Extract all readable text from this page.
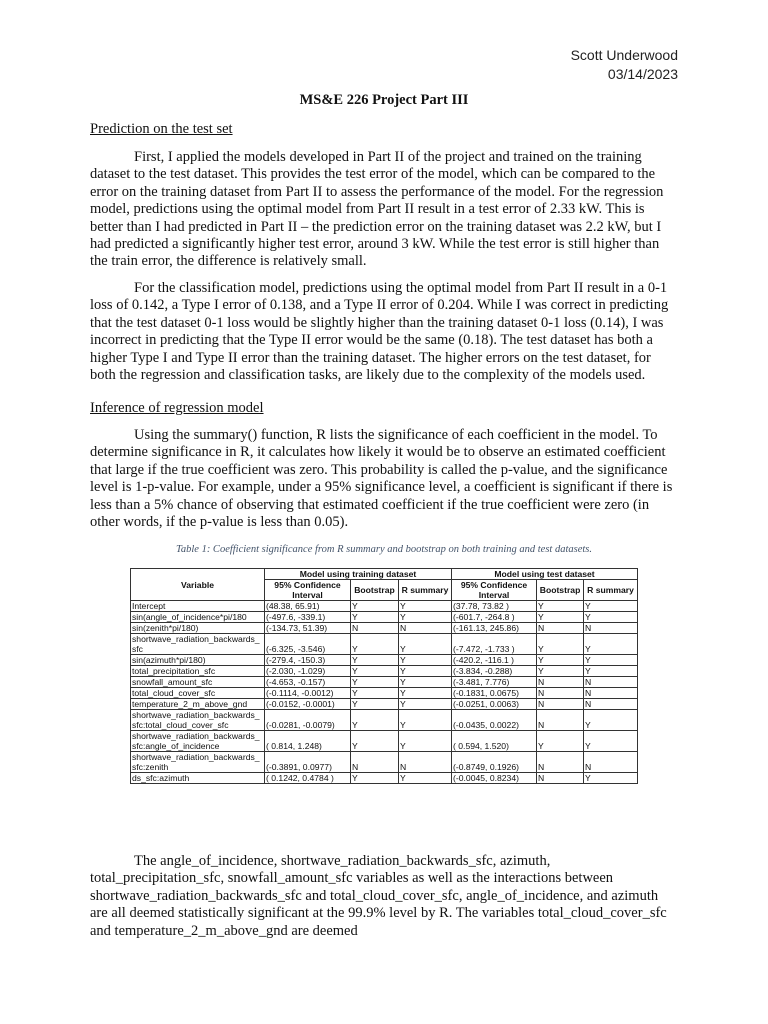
Scott Underwood
03/14/2023
MS&E 226 Project Part III
Prediction on the test set

First, I applied the models developed in Part II of the project and trained on the training dataset to the test dataset. This provides the test error of the model, which can be compared to the error on the training dataset from Part II to assess the performance of the model. For the regression model, predictions using the optimal model from Part II result in a test error of 2.33 kW. This is better than I had predicted in Part II – the prediction error on the training dataset was 2.2 kW, but I had predicted a significantly higher test error, around 3 kW. While the test error is still higher than the train error, the difference is relatively small.

For the classification model, predictions using the optimal model from Part II result in a 0-1 loss of 0.142, a Type I error of 0.138, and a Type II error of 0.204. While I was correct in predicting that the test dataset 0-1 loss would be slightly higher than the training dataset 0-1 loss (0.14), I was incorrect in predicting that the Type II error would be the same (0.18). The test dataset has both a higher Type I and Type II error than the training dataset. The higher errors on the test dataset, for both the regression and classification tasks, are likely due to the complexity of the models used.

Inference of regression model

Using the summary() function, R lists the significance of each coefficient in the model. To determine significance in R, it calculates how likely it would be to observe an estimated coefficient that large if the true coefficient was zero. This probability is called the p-value, and the significance level is 1-p-value. For example, under a 95% significance level, a coefficient is significant if there is less than a 5% chance of observing that estimated coefficient if the true coefficient were zero (in other words, if the p-value is less than 0.05).

Table 1: Coefficient significance from R summary and bootstrap on both training and test datasets.
Variable	Model using training dataset			Model using test dataset		
	95% Confidence Interval	Bootstrap	R summary	95% Confidence Interval	Bootstrap	R summary
Intercept	(48.38, 65.91)	Y	Y	(37.78, 73.82 )	Y	Y
sin(angle_of_incidence*pi/180	(-497.6, -339.1)	Y	Y	(-601.7, -264.8 )	Y	Y
sin(zenith*pi/180)	(-134.73, 51.39)	N	N	(-161.13, 245.86)	N	N
shortwave_radiation_backwards_sfc	(-6.325, -3.546)	Y	Y	(-7.472, -1.733 )	Y	Y
sin(azimuth*pi/180)	(-279.4, -150.3)	Y	Y	(-420.2, -116.1 )	Y	Y
total_precipitation_sfc	(-2.030, -1.029)	Y	Y	(-3.834, -0.288)	Y	Y
snowfall_amount_sfc	(-4.653, -0.157)	Y	Y	(-3.481, 7.776)	N	N
total_cloud_cover_sfc	(-0.1114, -0.0012)	Y	Y	(-0.1831, 0.0675)	N	N
temperature_2_m_above_gnd	(-0.0152, -0.0001)	Y	Y	(-0.0251, 0.0063)	N	N
shortwave_radiation_backwards_sfc:total_cloud_cover_sfc	(-0.0281, -0.0079)	Y	Y	(-0.0435, 0.0022)	N	Y
shortwave_radiation_backwards_sfc:angle_of_incidence	( 0.814, 1.248)	Y	Y	( 0.594, 1.520)	Y	Y
shortwave_radiation_backwards_sfc:zenith	(-0.3891, 0.0977)	N	N	(-0.8749, 0.1926)	N	N
ds_sfc:azimuth	( 0.1242, 0.4784 )	Y	Y	(-0.0045, 0.8234)	N	Y

The angle_of_incidence, shortwave_radiation_backwards_sfc, azimuth, total_precipitation_sfc, snowfall_amount_sfc variables as well as the interactions between shortwave_radiation_backwards_sfc and total_cloud_cover_sfc, angle_of_incidence, and azimuth are all deemed statistically significant at the 99.9% level by R. The variables total_cloud_cover_sfc and temperature_2_m_above_gnd are deemed
